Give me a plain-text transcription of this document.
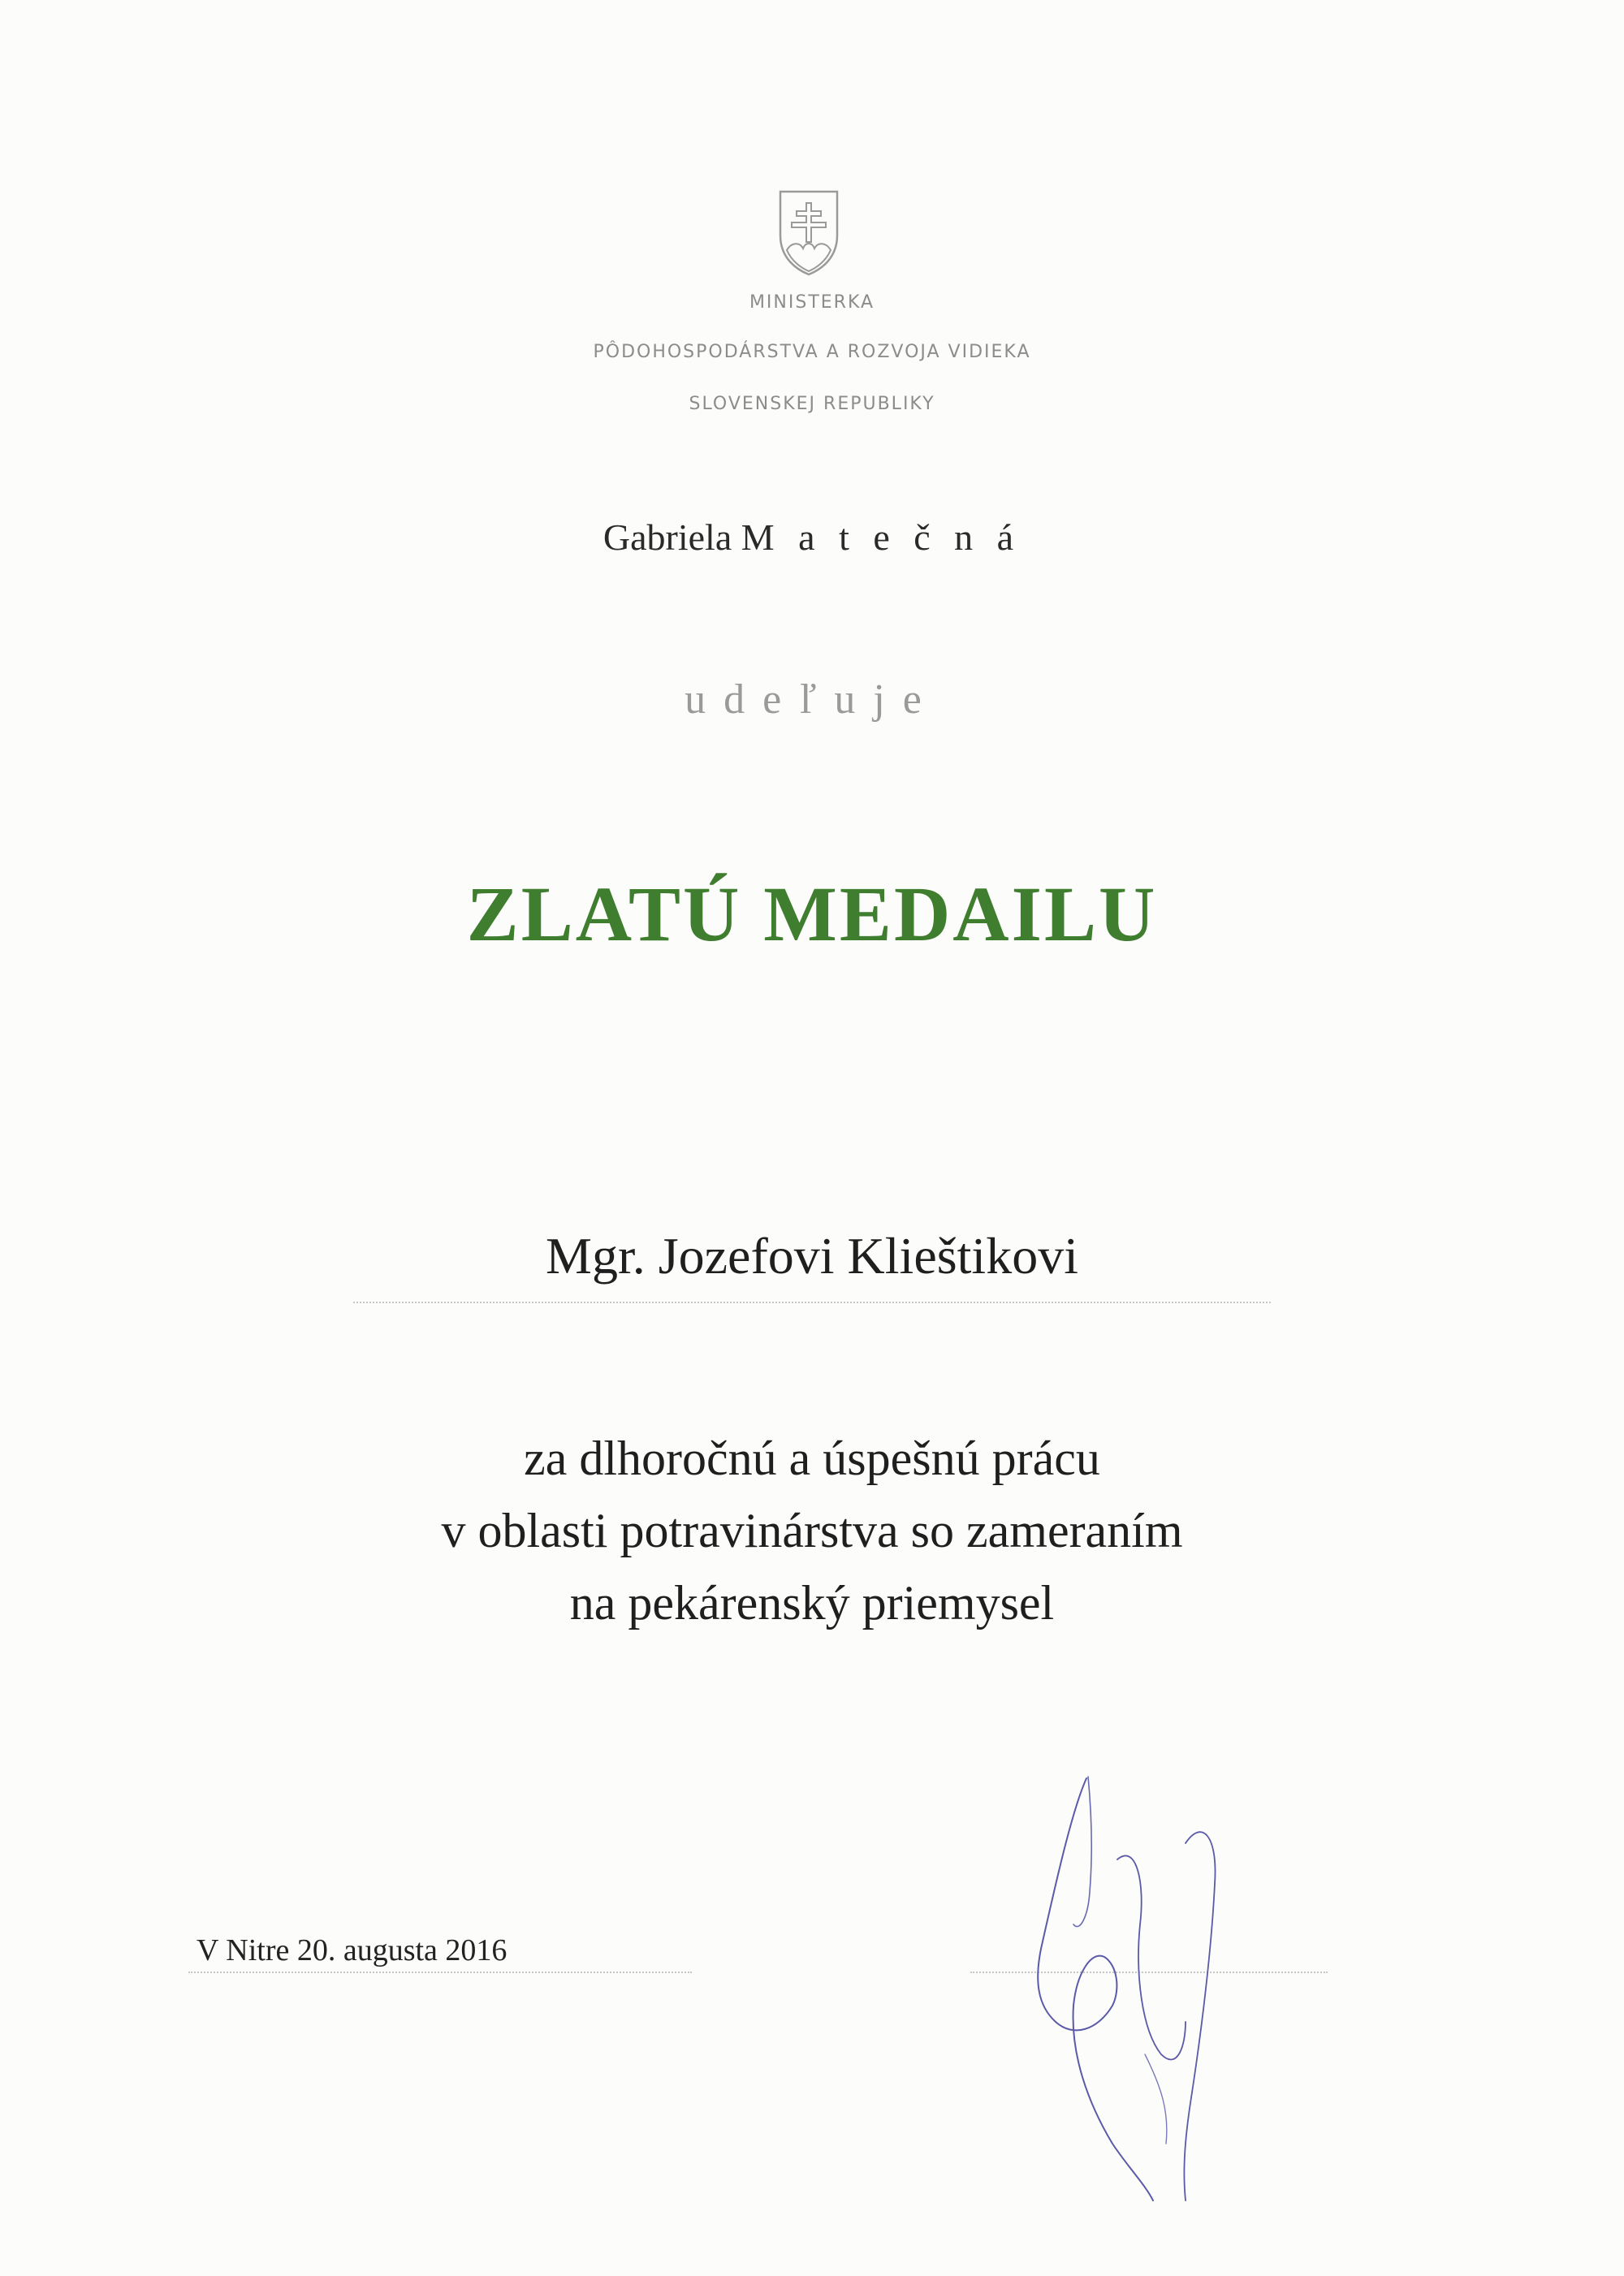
MINISTERKA
PÔDOHOSPODÁRSTVA A ROZVOJA VIDIEKA
SLOVENSKEJ REPUBLIKY
Gabriela M a t e č n á
udeľuje
ZLATÚ MEDAILU
Mgr. Jozefovi Klieštikovi
za dlhoročnú a úspešnú prácu
v oblasti potravinárstva so zameraním
na pekárenský priemysel
V Nitre 20. augusta 2016
